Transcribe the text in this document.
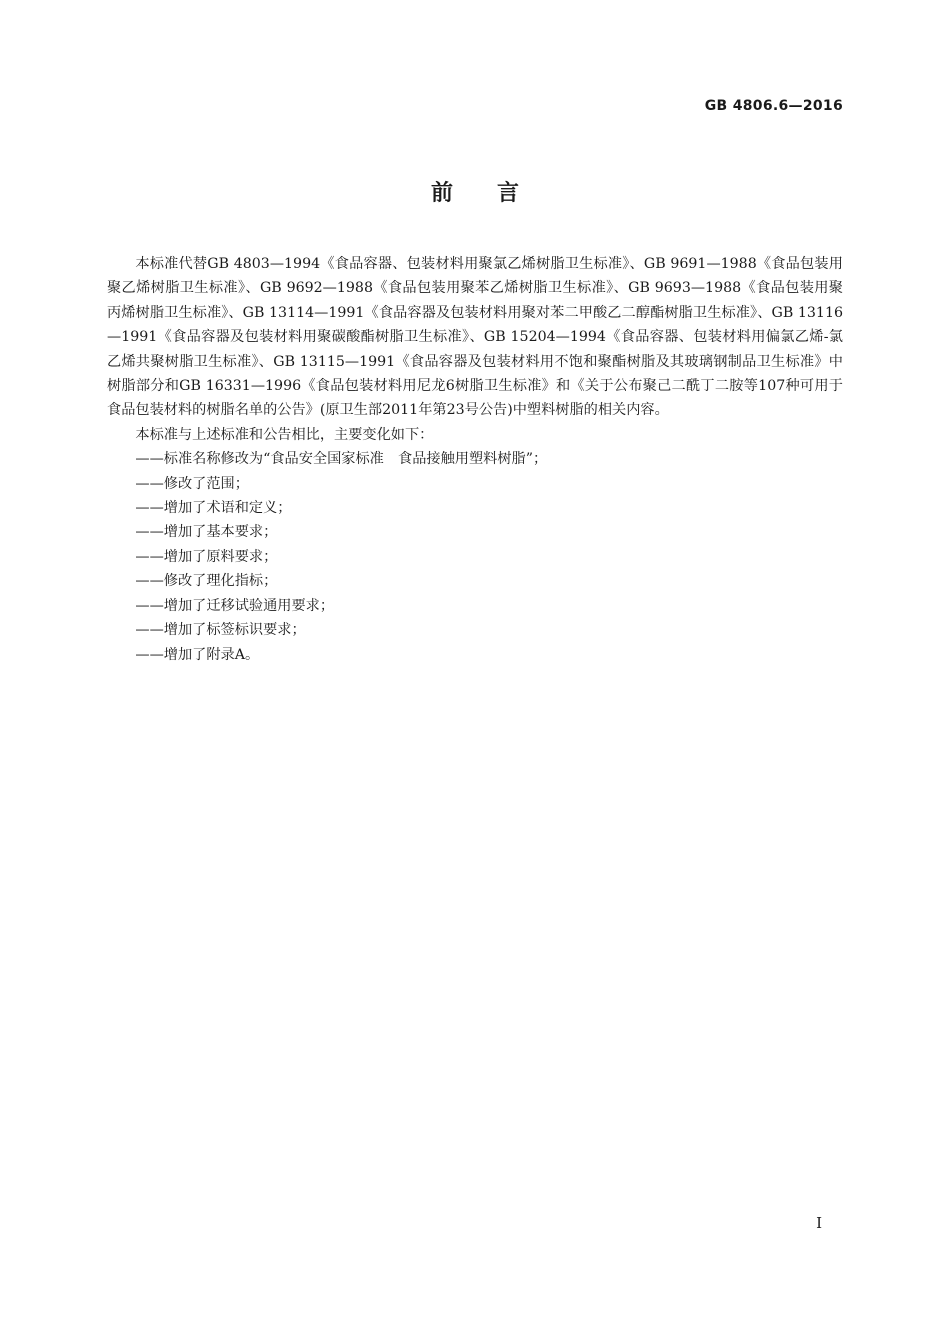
GB 4806.6—2016
前言

本标准代替GB 4803—1994《食品容器、包装材料用聚氯乙烯树脂卫生标准》、GB 9691—1988《食品包装用聚乙烯树脂卫生标准》、GB 9692—1988《食品包装用聚苯乙烯树脂卫生标准》、GB 9693—1988《食品包装用聚丙烯树脂卫生标准》、GB 13114—1991《食品容器及包装材料用聚对苯二甲酸乙二醇酯树脂卫生标准》、GB 13116—1991《食品容器及包装材料用聚碳酸酯树脂卫生标准》、GB 15204—1994《食品容器、包装材料用偏氯乙烯-氯乙烯共聚树脂卫生标准》、GB 13115—1991《食品容器及包装材料用不饱和聚酯树脂及其玻璃钢制品卫生标准》中树脂部分和GB 16331—1996《食品包装材料用尼龙6树脂卫生标准》和《关于公布聚己二酰丁二胺等107种可用于食品包装材料的树脂名单的公告》(原卫生部2011年第23号公告)中塑料树脂的相关内容。

本标准与上述标准和公告相比，主要变化如下：
——标准名称修改为“食品安全国家标准　食品接触用塑料树脂”；
——修改了范围；
——增加了术语和定义；
——增加了基本要求；
——增加了原料要求；
——修改了理化指标；
——增加了迁移试验通用要求；
——增加了标签标识要求；
——增加了附录A。
I
